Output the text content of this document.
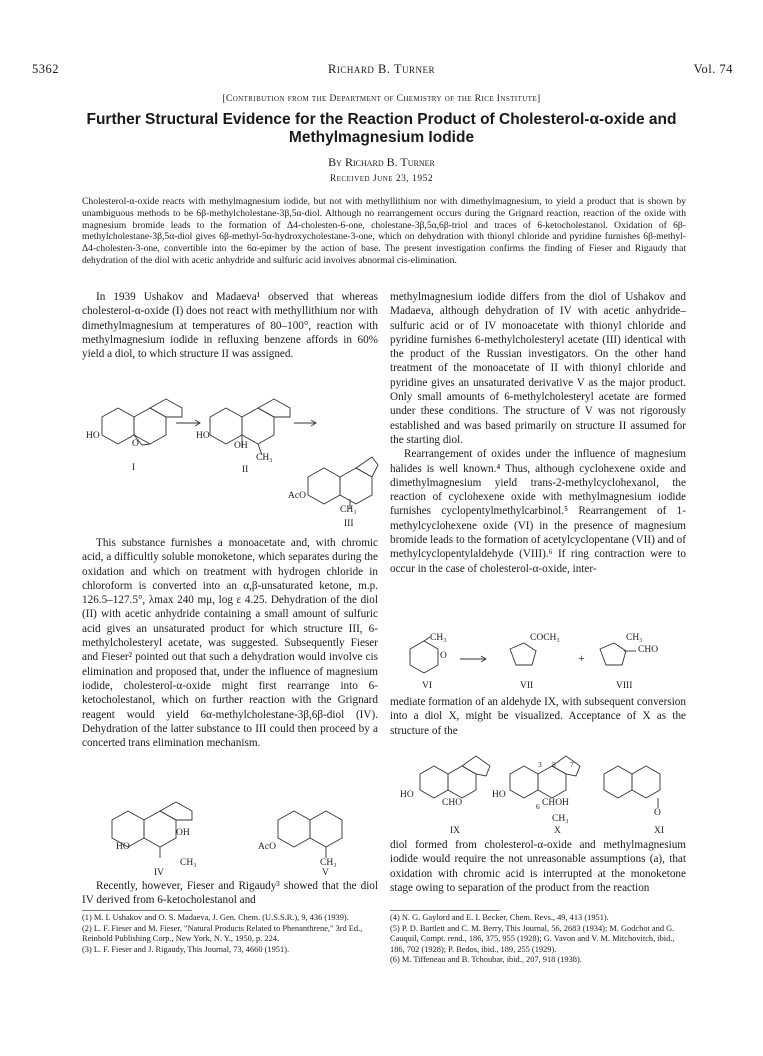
5362	Richard B. Turner	Vol. 74
[Contribution from the Department of Chemistry of the Rice Institute]
Further Structural Evidence for the Reaction Product of Cholesterol-α-oxide and Methylmagnesium Iodide
By Richard B. Turner
Received June 23, 1952
Cholesterol-α-oxide reacts with methylmagnesium iodide, but not with methyllithium nor with dimethylmagnesium, to yield a product that is shown by unambiguous methods to be 6β-methylcholestane-3β,5α-diol. Although no rearrangement occurs during the Grignard reaction, reaction of the oxide with magnesium bromide leads to the formation of Δ4-cholesten-6-one, cholestane-3β,5α,6β-triol and traces of 6-ketocholestanol. Oxidation of 6β-methylcholestane-3β,5α-diol gives 6β-methyl-5α-hydroxycholestane-3-one, which on dehydration with thionyl chloride and pyridine furnishes 6β-methyl-Δ4-cholesten-3-one, convertible into the 6α-epimer by the action of base. The present investigation confirms the finding of Fieser and Rigaudy that dehydration of the diol with acetic anhydride and sulfuric acid involves abnormal cis-elimination.

In 1939 Ushakov and Madaeva¹ observed that whereas cholesterol-α-oxide (I) does not react with methyllithium nor with dimethylmagnesium at temperatures of 80–100°, reaction with methylmagnesium iodide in refluxing benzene affords in 60% yield a diol, to which structure II was assigned.

HO
O
I
HO
OH
CH₃
II
AcO
CH₃
III

This substance furnishes a monoacetate and, with chromic acid, a difficultly soluble monoketone, which separates during the oxidation and which on treatment with hydrogen chloride in chloroform is converted into an α,β-unsaturated ketone, m.p. 126.5–127.5°, λmax 240 mμ, log ε 4.25. Dehydration of the diol (II) with acetic anhydride containing a small amount of sulfuric acid gives an unsaturated product for which structure III, 6-methylcholesteryl acetate, was suggested. Subsequently Fieser and Fieser² pointed out that such a dehydration would involve cis elimination and proposed that, under the influence of magnesium iodide, cholesterol-α-oxide might first rearrange into 6-ketocholestanol, which on further reaction with the Grignard reagent would yield 6α-methylcholestane-3β,6β-diol (IV). Dehydration of the latter substance to III could then proceed by a concerted trans elimination mechanism.

HO
OH
CH₃
IV
AcO
CH₃
V

Recently, however, Fieser and Rigaudy³ showed that the diol IV derived from 6-ketocholestanol and

(1) M. I. Ushakov and O. S. Madaeva, J. Gen. Chem. (U.S.S.R.), 9, 436 (1939).
(2) L. F. Fieser and M. Fieser, "Natural Products Related to Phenanthrene," 3rd Ed., Reinhold Publishing Corp., New York, N. Y., 1950, p. 224.
(3) L. F. Fieser and J. Rigaudy, This Journal, 73, 4660 (1951).

methylmagnesium iodide differs from the diol of Ushakov and Madaeva, although dehydration of IV with acetic anhydride–sulfuric acid or of IV monoacetate with thionyl chloride and pyridine furnishes 6-methylcholesteryl acetate (III) identical with the product of the Russian investigators. On the other hand treatment of the monoacetate of II with thionyl chloride and pyridine gives an unsaturated derivative V as the major product. Only small amounts of 6-methylcholesteryl acetate are formed under these conditions. The structure of V was not rigorously established and was based primarily on structure II assumed for the starting diol.

Rearrangement of oxides under the influence of magnesium halides is well known.⁴ Thus, although cyclohexene oxide and dimethylmagnesium yield trans-2-methylcyclohexanol, the reaction of cyclohexene oxide with methylmagnesium iodide furnishes cyclopentylmethylcarbinol.⁵ Rearrangement of 1-methylcyclohexene oxide (VI) in the presence of magnesium bromide leads to the formation of acetylcyclopentane (VII) and of methylcyclopentylaldehyde (VIII).⁶ If ring contraction were to occur in the case of cholesterol-α-oxide, inter-

CH₃
O
VI
COCH₃
VII
+
CH₃
CHO
VIII

mediate formation of an aldehyde IX, with subsequent conversion into a diol X, might be visualized. Acceptance of X as the structure of the

HO
CHO
IX
HO
3 5 7
6 CHOH
CH₃
X
O
XI

diol formed from cholesterol-α-oxide and methylmagnesium iodide would require the not unreasonable assumptions (a), that oxidation with chromic acid is interrupted at the monoketone stage owing to separation of the product from the reaction

(4) N. G. Gaylord and E. I. Becker, Chem. Revs., 49, 413 (1951).
(5) P. D. Bartlett and C. M. Berry, This Journal, 56, 2683 (1934); M. Godchot and G. Cauquil, Compt. rend., 186, 375, 955 (1928); G. Vavon and V. M. Mitchovitch, ibid., 186, 702 (1928); P. Bedos, ibid., 189, 255 (1929).
(6) M. Tiffeneau and B. Tchoubar, ibid., 207, 918 (1938).
